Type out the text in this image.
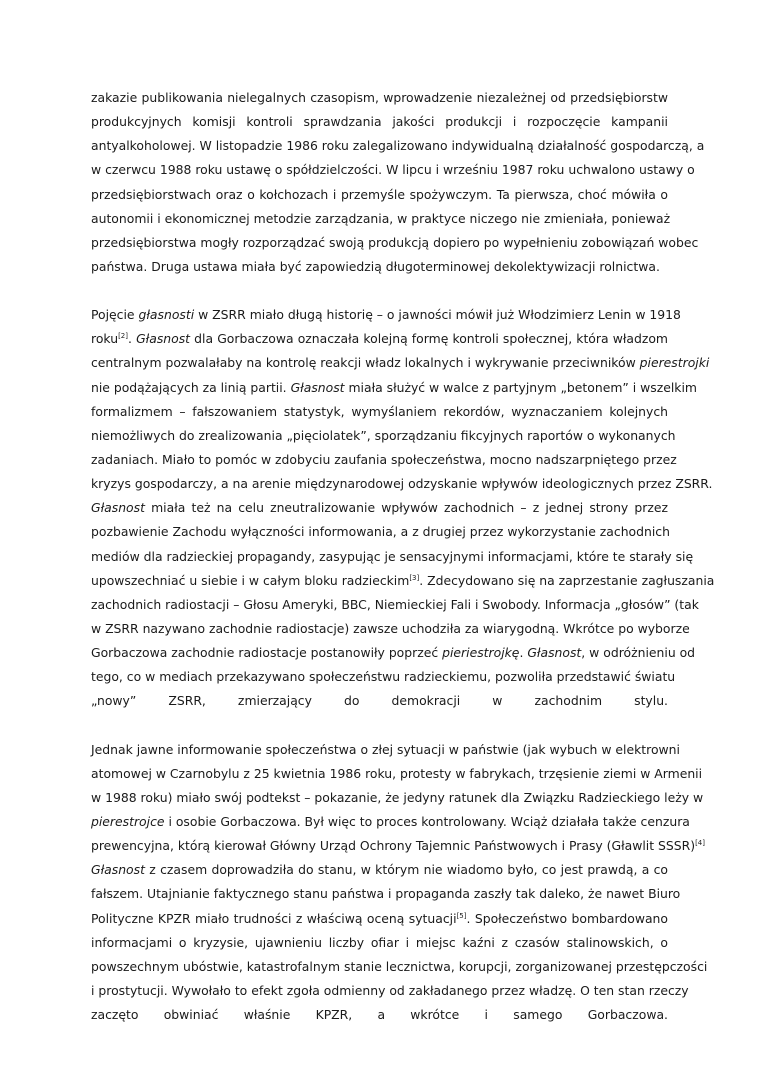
zakazie publikowania nielegalnych czasopism, wprowadzenie niezależnej od przedsiębiorstw
produkcyjnych komisji kontroli sprawdzania jakości produkcji i rozpoczęcie kampanii
antyalkoholowej. W listopadzie 1986 roku zalegalizowano indywidualną działalność gospodarczą, a
w czerwcu 1988 roku ustawę o spółdzielczości. W lipcu i wrześniu 1987 roku uchwalono ustawy o
przedsiębiorstwach oraz o kołchozach i przemyśle spożywczym. Ta pierwsza, choć mówiła o
autonomii i ekonomicznej metodzie zarządzania, w praktyce niczego nie zmieniała, ponieważ
przedsiębiorstwa mogły rozporządzać swoją produkcją dopiero po wypełnieniu zobowiązań wobec
państwa. Druga ustawa miała być zapowiedzią długoterminowej dekolektywizacji rolnictwa.
Pojęcie głasnosti w ZSRR miało długą historię – o jawności mówił już Włodzimierz Lenin w 1918
roku[2]. Głasnost dla Gorbaczowa oznaczała kolejną formę kontroli społecznej, która władzom
centralnym pozwalałaby na kontrolę reakcji władz lokalnych i wykrywanie przeciwników pierestrojki
nie podążających za linią partii. Głasnost miała służyć w walce z partyjnym „betonem” i wszelkim
formalizmem – fałszowaniem statystyk, wymyślaniem rekordów, wyznaczaniem kolejnych
niemożliwych do zrealizowania „pięciolatek”, sporządzaniu fikcyjnych raportów o wykonanych
zadaniach. Miało to pomóc w zdobyciu zaufania społeczeństwa, mocno nadszarpniętego przez
kryzys gospodarczy, a na arenie międzynarodowej odzyskanie wpływów ideologicznych przez ZSRR.
Głasnost miała też na celu zneutralizowanie wpływów zachodnich – z jednej strony przez
pozbawienie Zachodu wyłączności informowania, a z drugiej przez wykorzystanie zachodnich
mediów dla radzieckiej propagandy, zasypując je sensacyjnymi informacjami, które te starały się
upowszechniać u siebie i w całym bloku radzieckim[3]. Zdecydowano się na zaprzestanie zagłuszania
zachodnich radiostacji – Głosu Ameryki, BBC, Niemieckiej Fali i Swobody. Informacja „głosów” (tak
w ZSRR nazywano zachodnie radiostacje) zawsze uchodziła za wiarygodną. Wkrótce po wyborze
Gorbaczowa zachodnie radiostacje postanowiły poprzeć pieriestrojkę. Głasnost, w odróżnieniu od
tego, co w mediach przekazywano społeczeństwu radzieckiemu, pozwoliła przedstawić światu
„nowy” ZSRR, zmierzający do demokracji w zachodnim stylu.
Jednak jawne informowanie społeczeństwa o złej sytuacji w państwie (jak wybuch w elektrowni
atomowej w Czarnobylu z 25 kwietnia 1986 roku, protesty w fabrykach, trzęsienie ziemi w Armenii
w 1988 roku) miało swój podtekst – pokazanie, że jedyny ratunek dla Związku Radzieckiego leży w
pierestrojce i osobie Gorbaczowa. Był więc to proces kontrolowany. Wciąż działała także cenzura
prewencyjna, którą kierował Główny Urząd Ochrony Tajemnic Państwowych i Prasy (Gławlit SSSR)[4]
Głasnost z czasem doprowadziła do stanu, w którym nie wiadomo było, co jest prawdą, a co
fałszem. Utajnianie faktycznego stanu państwa i propaganda zaszły tak daleko, że nawet Biuro
Polityczne KPZR miało trudności z właściwą oceną sytuacji[5]. Społeczeństwo bombardowano
informacjami o kryzysie, ujawnieniu liczby ofiar i miejsc kaźni z czasów stalinowskich, o
powszechnym ubóstwie, katastrofalnym stanie lecznictwa, korupcji, zorganizowanej przestępczości
i prostytucji. Wywołało to efekt zgoła odmienny od zakładanego przez władzę. O ten stan rzeczy
zaczęto obwiniać właśnie KPZR, a wkrótce i samego Gorbaczowa.
